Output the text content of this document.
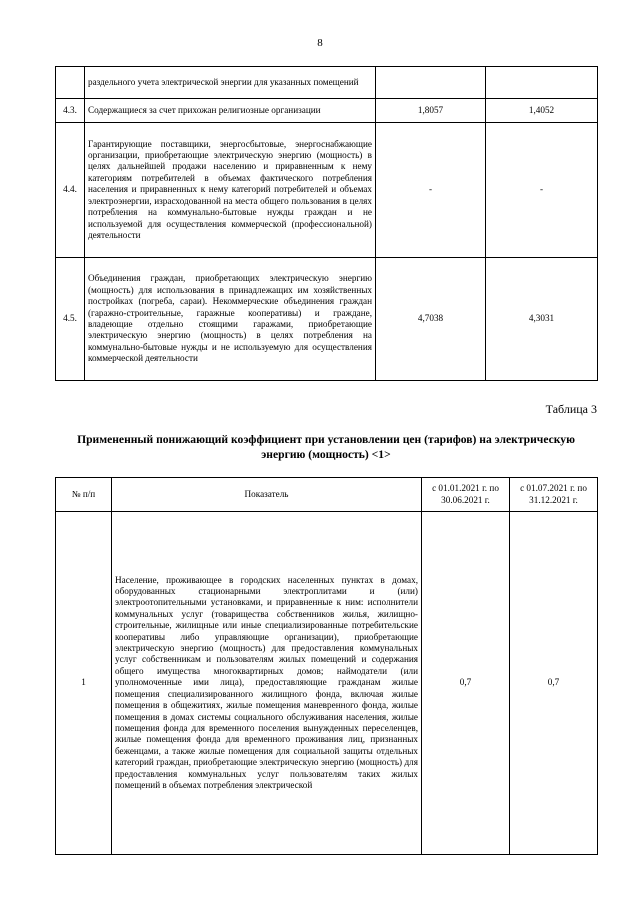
8
	раздельного учета электрической энергии для указанных помещений		
4.3.	Содержащиеся за счет прихожан религиозные организации	1,8057	1,4052
4.4.	Гарантирующие поставщики, энергосбытовые, энергоснабжающие организации, приобретающие электрическую энергию (мощность) в целях дальнейшей продажи населению и приравненным к нему категориям потребителей в объемах фактического потребления населения и приравненных к нему категорий потребителей и объемах электроэнергии, израсходованной на места общего пользования в целях потребления на коммунально-бытовые нужды граждан и не используемой для осуществления коммерческой (профессиональной) деятельности	-	-
4.5.	Объединения граждан, приобретающих электрическую энергию (мощность) для использования в принадлежащих им хозяйственных постройках (погреба, сараи). Некоммерческие объединения граждан (гаражно-строительные, гаражные кооперативы) и граждане, владеющие отдельно стоящими гаражами, приобретающие электрическую энергию (мощность) в целях потребления на коммунально-бытовые нужды и не используемую для осуществления коммерческой деятельности	4,7038	4,3031
Таблица 3
Примененный понижающий коэффициент при установлении цен (тарифов) на электрическую энергию (мощность) <1>
№ п/п	Показатель	с 01.01.2021 г. по 30.06.2021 г.	с 01.07.2021 г. по 31.12.2021 г.
1	Население, проживающее в городских населенных пунктах в домах, оборудованных стационарными электроплитами и (или) электроотопительными установками, и приравненные к ним: исполнители коммунальных услуг (товарищества собственников жилья, жилищно-строительные, жилищные или иные специализированные потребительские кооперативы либо управляющие организации), приобретающие электрическую энергию (мощность) для предоставления коммунальных услуг собственникам и пользователям жилых помещений и содержания общего имущества многоквартирных домов; наймодатели (или уполномоченные ими лица), предоставляющие гражданам жилые помещения специализированного жилищного фонда, включая жилые помещения в общежитиях, жилые помещения маневренного фонда, жилые помещения в домах системы социального обслуживания населения, жилые помещения фонда для временного поселения вынужденных переселенцев, жилые помещения фонда для временного проживания лиц, признанных беженцами, а также жилые помещения для социальной защиты отдельных категорий граждан, приобретающие электрическую энергию (мощность) для предоставления коммунальных услуг пользователям таких жилых помещений в объемах потребления электрической	0,7	0,7
